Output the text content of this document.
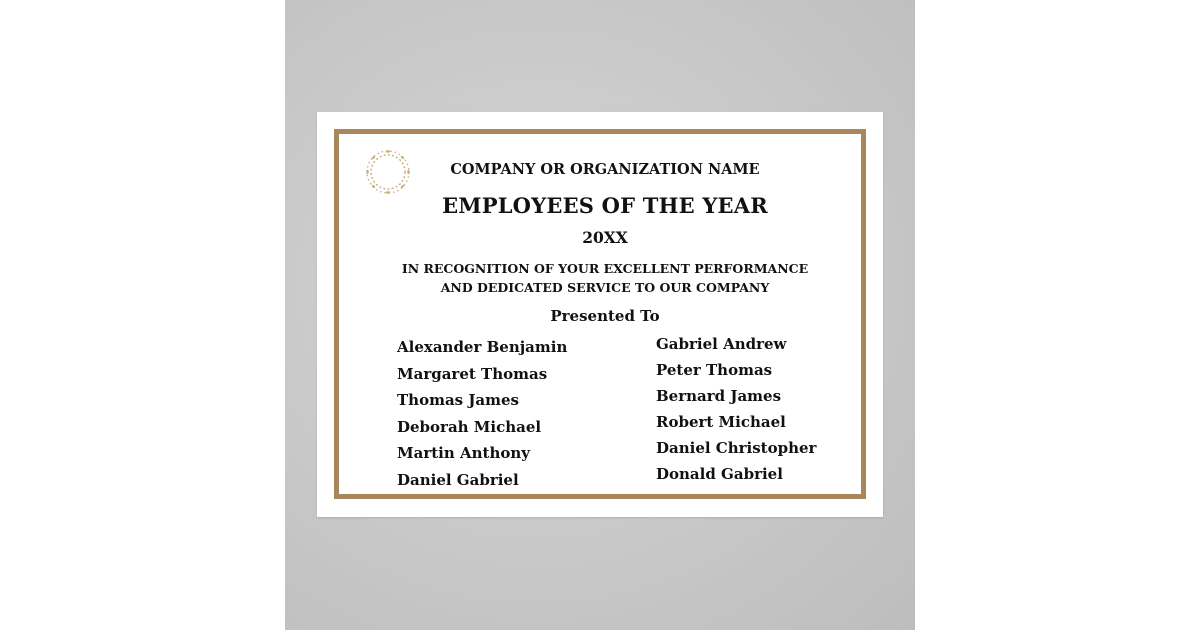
COMPANY OR ORGANIZATION NAME

EMPLOYEES OF THE YEAR

20XX

IN RECOGNITION OF YOUR EXCELLENT PERFORMANCE

AND DEDICATED SERVICE TO OUR COMPANY

Presented To

Alexander Benjamin
Margaret Thomas
Thomas James
Deborah Michael
Martin Anthony
Daniel Gabriel
Gabriel Andrew
Peter Thomas
Bernard James
Robert Michael
Daniel Christopher
Donald Gabriel
